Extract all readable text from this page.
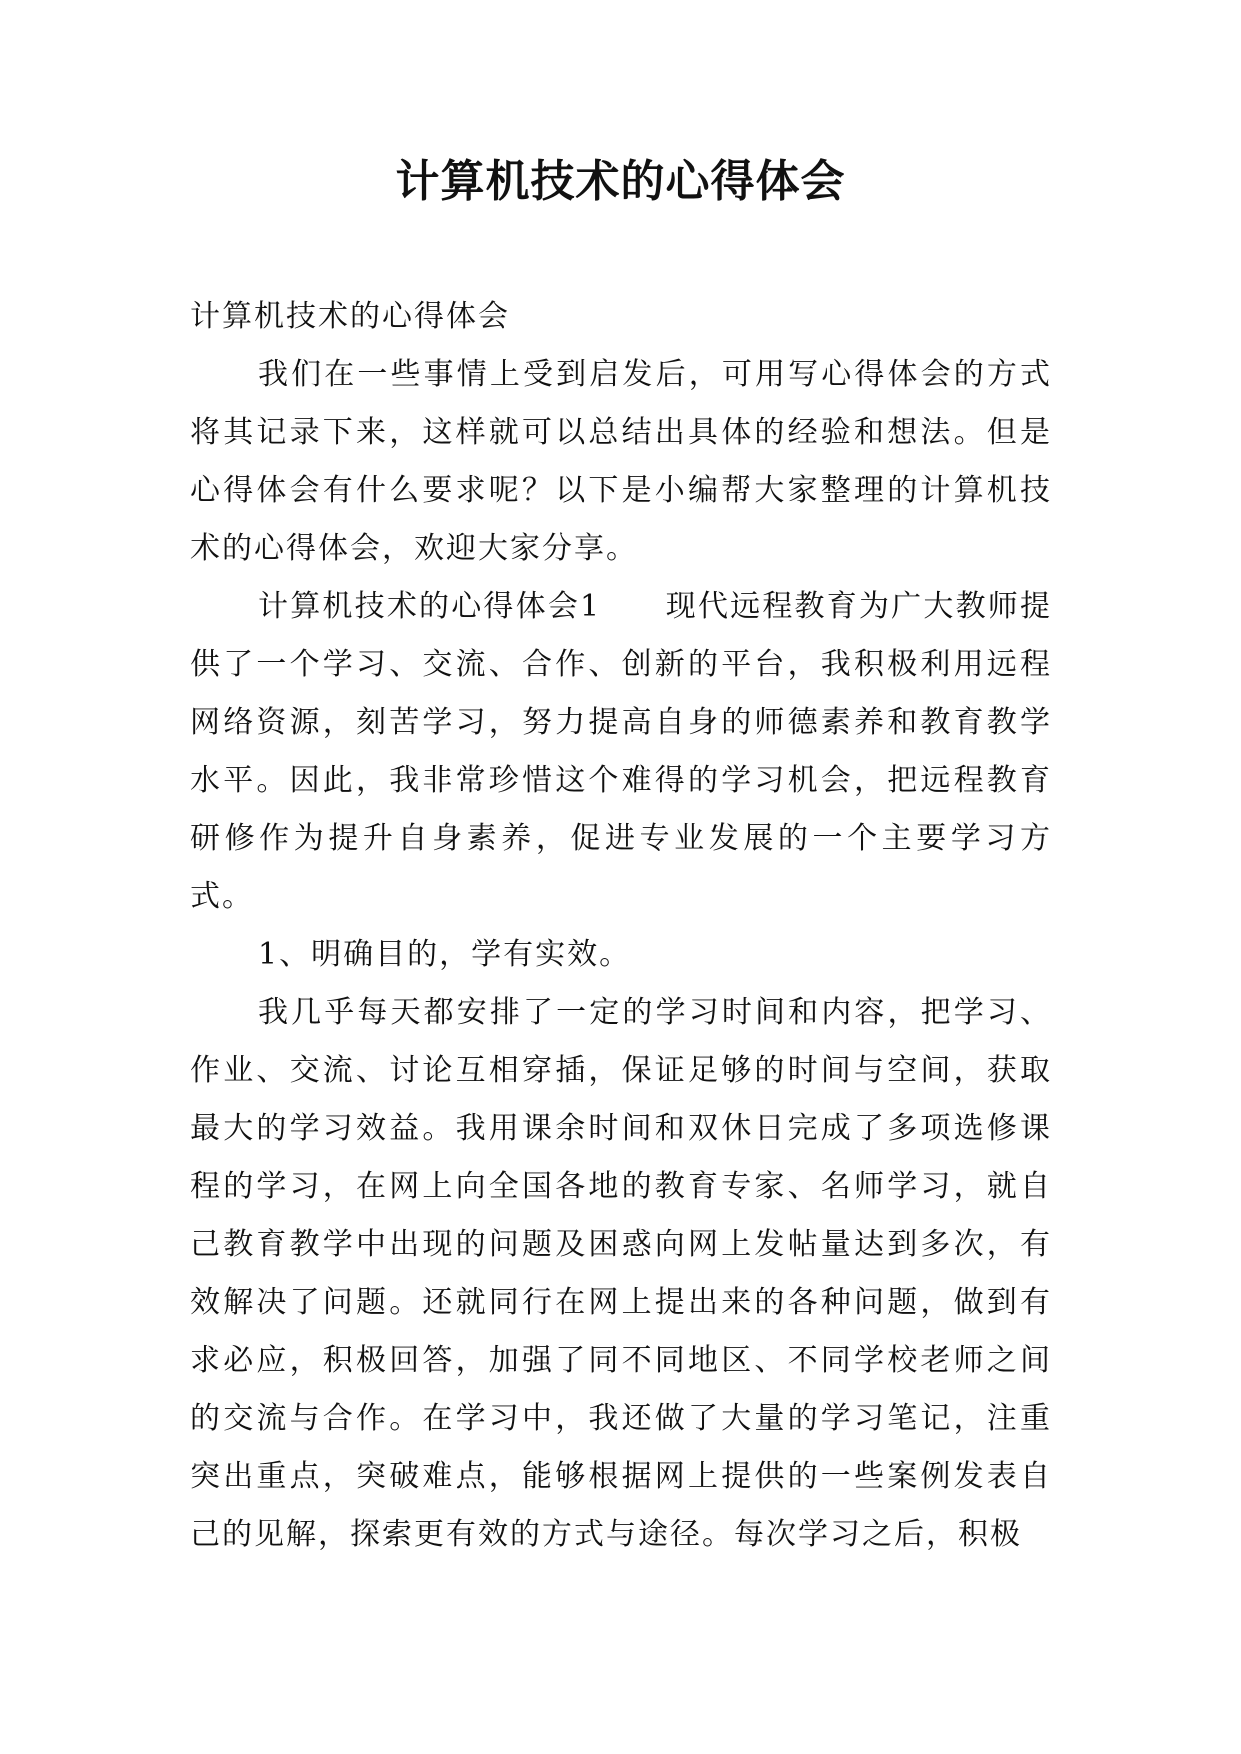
计算机技术的心得体会

计算机技术的心得体会

我们在一些事情上受到启发后，可用写心得体会的方式将其记录下来，这样就可以总结出具体的经验和想法。但是心得体会有什么要求呢？以下是小编帮大家整理的计算机技术的心得体会，欢迎大家分享。

计算机技术的心得体会1　　现代远程教育为广大教师提供了一个学习、交流、合作、创新的平台，我积极利用远程网络资源，刻苦学习，努力提高自身的师德素养和教育教学水平。因此，我非常珍惜这个难得的学习机会，把远程教育研修作为提升自身素养，促进专业发展的一个主要学习方式。

1、明确目的，学有实效。

我几乎每天都安排了一定的学习时间和内容，把学习、作业、交流、讨论互相穿插，保证足够的时间与空间，获取最大的学习效益。我用课余时间和双休日完成了多项选修课程的学习，在网上向全国各地的教育专家、名师学习，就自己教育教学中出现的问题及困惑向网上发帖量达到多次，有效解决了问题。还就同行在网上提出来的各种问题，做到有求必应，积极回答，加强了同不同地区、不同学校老师之间的交流与合作。在学习中，我还做了大量的学习笔记，注重突出重点，突破难点，能够根据网上提供的一些案例发表自己的见解，探索更有效的方式与途径。每次学习之后，积极
